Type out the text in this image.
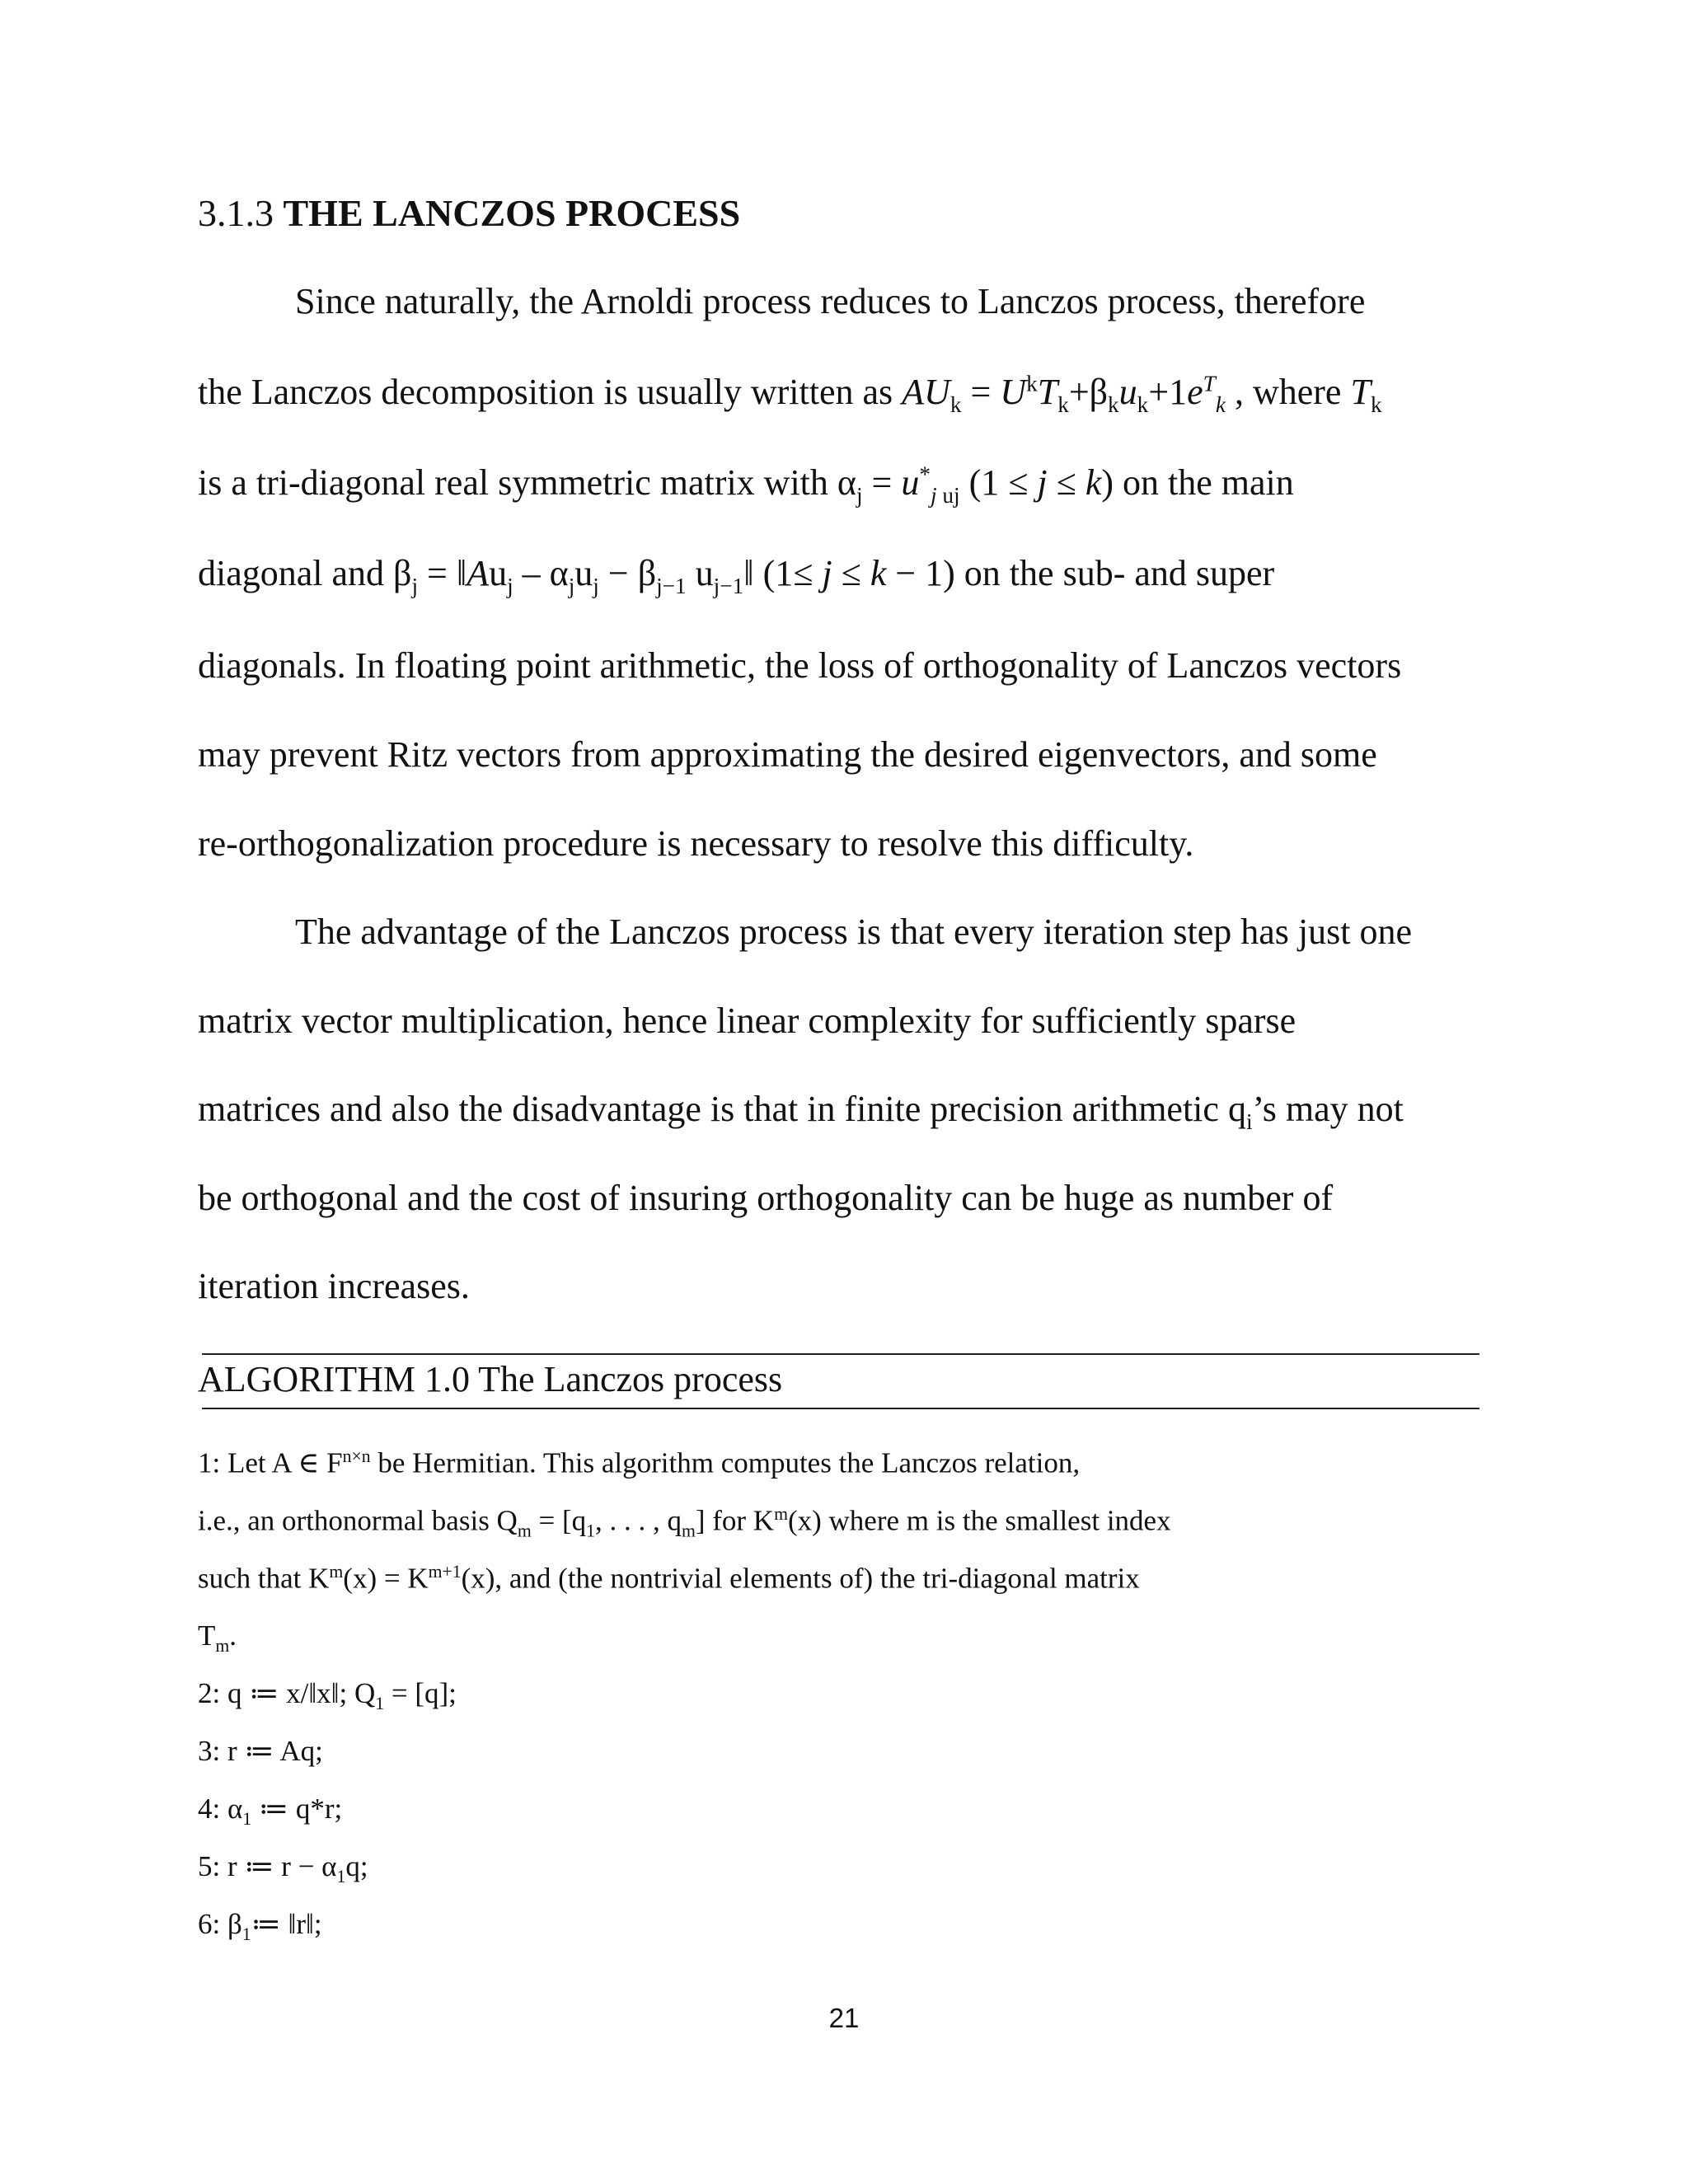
3.1.3 THE LANCZOS PROCESS
Since naturally, the Arnoldi process reduces to Lanczos process, therefore
the Lanczos decomposition is usually written as $AU_k = U^kT_k+\beta_ku_k+1e^T_k$ , where $T_k$
is a tri-diagonal real symmetric matrix with $\alpha_j = u^*_j$ $_{uj}$ (1 ≤ j ≤ k) on the main
diagonal and $\beta_j$ = $‖Au_j - \alpha_ju_j - \beta_{j-1}$ $u_{j-1}‖$ (1≤ j ≤ k − 1) on the sub- and super
diagonals. In floating point arithmetic, the loss of orthogonality of Lanczos vectors
may prevent Ritz vectors from approximating the desired eigenvectors, and some
re-orthogonalization procedure is necessary to resolve this difficulty.
The advantage of the Lanczos process is that every iteration step has just one
matrix vector multiplication, hence linear complexity for sufficiently sparse
matrices and also the disadvantage is that in finite precision arithmetic $q_i’s$ may not
be orthogonal and the cost of insuring orthogonality can be huge as number of
iteration increases.
ALGORITHM 1.0 The Lanczos process
1: Let A ∈ $F^{n\times n}$ be Hermitian. This algorithm computes the Lanczos relation,
i.e., an orthonormal basis $Q_m = [q_1$, . . . , $q_m$] for $K^m(x)$ where m is the smallest index
such that $K^m(x) = K^{m+1}(x)$, and (the nontrivial elements of) the tri-diagonal matrix
$T_m$.
2: q ≔ x/‖x‖; $Q_1 = [q]$;
3: r ≔ Aq;
4: $\alpha_1$ ≔ q*r;
5: r ≔ $r - \alpha_1q$;
6: $\beta_1≔$ ‖r‖;
21
